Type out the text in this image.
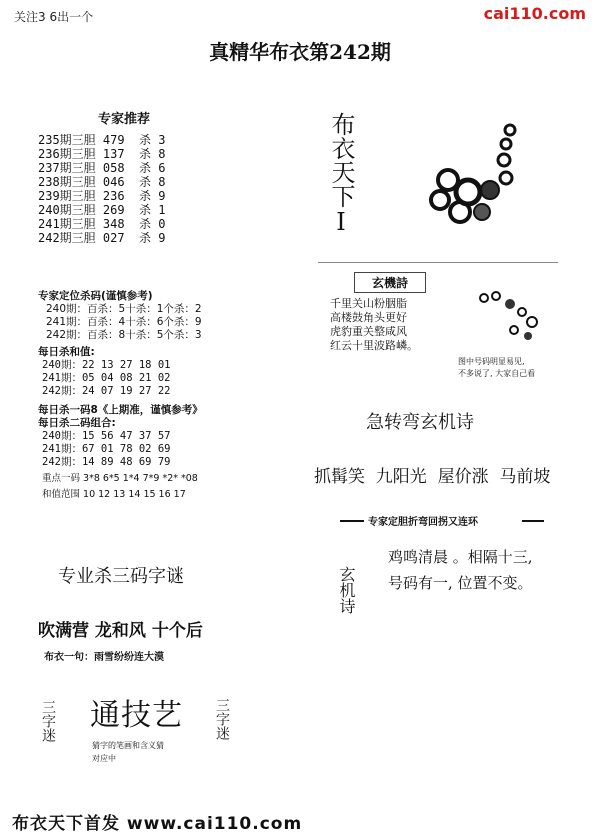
关注3 6出一个	cai110.com
真精华布衣第242期
专家推荐
235期三胆 479  杀 3
236期三胆 137  杀 8
237期三胆 058  杀 6
238期三胆 046  杀 8
239期三胆 236  杀 9
240期三胆 269  杀 1
241期三胆 348  杀 0
242期三胆 027  杀 9
专家定位杀码(谨慎参考)
240期：百杀：5十杀：1个杀：2
241期：百杀：4十杀：6个杀：9
242期：百杀：8十杀：5个杀：3
每日杀和值:
240期：22 13 27 18 01
241期：05 04 08 21 02
242期：24 07 19 27 22
每日杀一码8《上期准，谨慎参考》
每日杀二码组合:
240期：15 56 47 37 57
241期：67 01 78 02 69
242期：14 89 48 69 79
重点一码 3*8 6*5 1*4 7*9 *2* *08
和值范围 10 12 13 14 15 16 17
专业杀三码字谜
吹满营 龙和风 十个后
布衣一句：雨雪纷纷连大漠
三字迷 通技艺 三字迷
猜字的笔画和含义猜
对应中
布衣天下I
玄機詩
千里关山粉胭脂
高楼鼓角头更好
虎豹重关整咸风
红云十里波路嶙。
图中号码明显易见,
不多说了, 大家自己看
急转弯玄机诗
抓髯笑  九阳光  屋价涨  马前坡
专家定胆折弯回拐又连环
玄机诗
鸡鸣清晨 。相隔十三,
号码有一, 位置不变。
布衣天下首发 www.cai110.com
